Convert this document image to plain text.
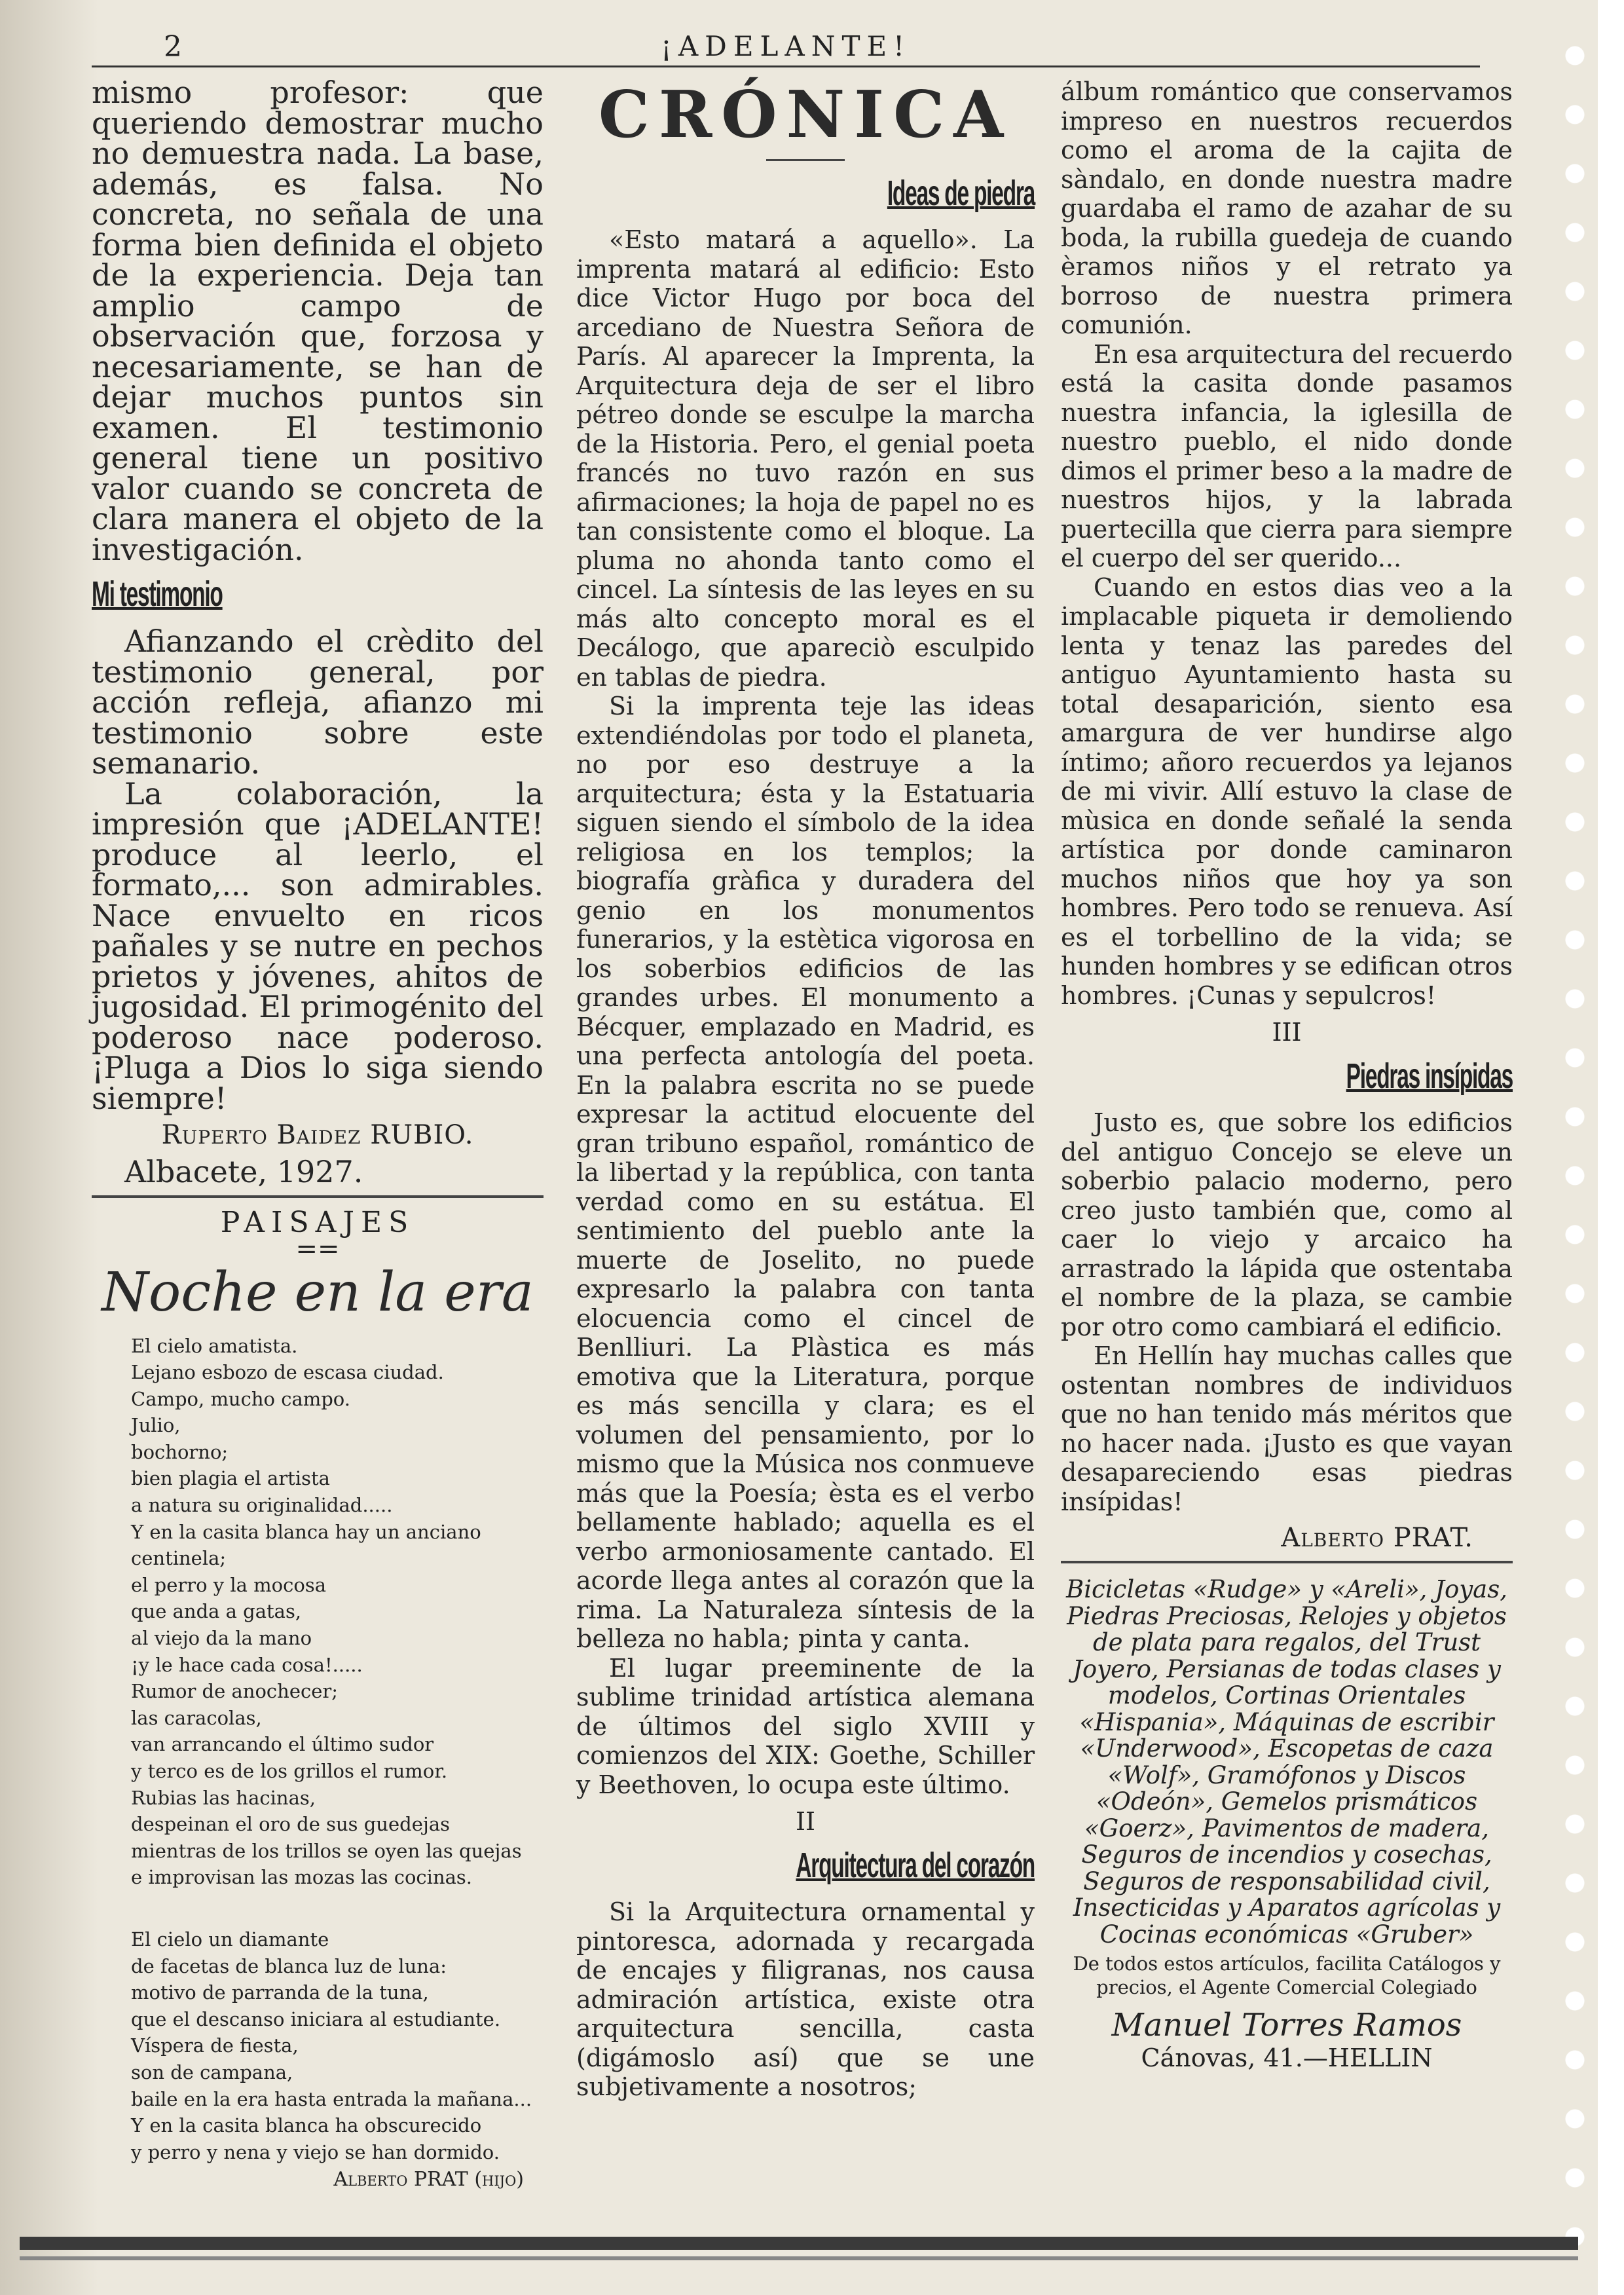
2	¡ADELANTE!

mismo profesor: que queriendo demostrar mucho no demuestra nada. La base, además, es falsa. No concreta, no señala de una forma bien definida el objeto de la experiencia. Deja tan amplio campo de observación que, forzosa y necesariamente, se han de dejar muchos puntos sin examen. El testimonio general tiene un positivo valor cuando se concreta de clara manera el objeto de la investigación.

Mi testimonio

Afianzando el crèdito del testimonio general, por acción refleja, afianzo mi testimonio sobre este semanario.

La colaboración, la impresión que ¡ADELANTE! produce al leerlo, el formato,... son admirables. Nace envuelto en ricos pañales y se nutre en pechos prietos y jóvenes, ahitos de jugosidad. El primogénito del poderoso nace poderoso. ¡Pluga a Dios lo siga siendo siempre!

Ruperto Baidez RUBIO.
Albacete, 1927.
PAISAJES
==
Noche en la era
El cielo amatista.
Lejano esbozo de escasa ciudad.
Campo, mucho campo.
Julio,
bochorno;
bien plagia el artista
a natura su originalidad.....
Y en la casita blanca hay un anciano
centinela;
el perro y la mocosa
que anda a gatas,
al viejo da la mano
¡y le hace cada cosa!.....
Rumor de anochecer;
las caracolas,
van arrancando el último sudor
y terco es de los grillos el rumor.
Rubias las hacinas,
despeinan el oro de sus guedejas
mientras de los trillos se oyen las quejas
e improvisan las mozas las cocinas.
El cielo un diamante
de facetas de blanca luz de luna:
motivo de parranda de la tuna,
que el descanso iniciara al estudiante.
Víspera de fiesta,
son de campana,
baile en la era hasta entrada la mañana...
Y en la casita blanca ha obscurecido
y perro y nena y viejo se han dormido.
Alberto PRAT (hijo)
CRÓNICA
Ideas de piedra

«Esto matará a aquello». La imprenta matará al edificio: Esto dice Victor Hugo por boca del arcediano de Nuestra Señora de París. Al aparecer la Imprenta, la Arquitectura deja de ser el libro pétreo donde se esculpe la marcha de la Historia. Pero, el genial poeta francés no tuvo razón en sus afirmaciones; la hoja de papel no es tan consistente como el bloque. La pluma no ahonda tanto como el cincel. La síntesis de las leyes en su más alto concepto moral es el Decálogo, que apareciò esculpido en tablas de piedra.

Si la imprenta teje las ideas extendiéndolas por todo el planeta, no por eso destruye a la arquitectura; ésta y la Estatuaria siguen siendo el símbolo de la idea religiosa en los templos; la biografía gràfica y duradera del genio en los monumentos funerarios, y la estètica vigorosa en los soberbios edificios de las grandes urbes. El monumento a Bécquer, emplazado en Madrid, es una perfecta antología del poeta. En la palabra escrita no se puede expresar la actitud elocuente del gran tribuno español, romántico de la libertad y la república, con tanta verdad como en su estátua. El sentimiento del pueblo ante la muerte de Joselito, no puede expresarlo la palabra con tanta elocuencia como el cincel de Benlliuri. La Plàstica es más emotiva que la Literatura, porque es más sencilla y clara; es el volumen del pensamiento, por lo mismo que la Música nos conmueve más que la Poesía; èsta es el verbo bellamente hablado; aquella es el verbo armoniosamente cantado. El acorde llega antes al corazón que la rima. La Naturaleza síntesis de la belleza no habla; pinta y canta.

El lugar preeminente de la sublime trinidad artística alemana de últimos del siglo XVIII y comienzos del XIX: Goethe, Schiller y Beethoven, lo ocupa este último.

II
Arquitectura del corazón

Si la Arquitectura ornamental y pintoresca, adornada y recargada de encajes y filigranas, nos causa admiración artística, existe otra arquitectura sencilla, casta (digámoslo así) que se une subjetivamente a nosotros;

álbum romántico que conservamos impreso en nuestros recuerdos como el aroma de la cajita de sàndalo, en donde nuestra madre guardaba el ramo de azahar de su boda, la rubilla guedeja de cuando èramos niños y el retrato ya borroso de nuestra primera comunión.

En esa arquitectura del recuerdo está la casita donde pasamos nuestra infancia, la iglesilla de nuestro pueblo, el nido donde dimos el primer beso a la madre de nuestros hijos, y la labrada puertecilla que cierra para siempre el cuerpo del ser querido...

Cuando en estos dias veo a la implacable piqueta ir demoliendo lenta y tenaz las paredes del antiguo Ayuntamiento hasta su total desaparición, siento esa amargura de ver hundirse algo íntimo; añoro recuerdos ya lejanos de mi vivir. Allí estuvo la clase de mùsica en donde señalé la senda artística por donde caminaron muchos niños que hoy ya son hombres. Pero todo se renueva. Así es el torbellino de la vida; se hunden hombres y se edifican otros hombres. ¡Cunas y sepulcros!

III
Piedras insípidas

Justo es, que sobre los edificios del antiguo Concejo se eleve un soberbio palacio moderno, pero creo justo también que, como al caer lo viejo y arcaico ha arrastrado la lápida que ostentaba el nombre de la plaza, se cambie por otro como cambiará el edificio.

En Hellín hay muchas calles que ostentan nombres de individuos que no han tenido más méritos que no hacer nada. ¡Justo es que vayan desapareciendo esas piedras insípidas!

Alberto PRAT.
Bicicletas «Rudge» y «Areli», Joyas, Piedras Preciosas, Relojes y objetos de plata para regalos, del Trust Joyero, Persianas de todas clases y modelos, Cortinas Orientales «Hispania», Máquinas de escribir «Underwood», Escopetas de caza «Wolf», Gramófonos y Discos «Odeón», Gemelos prismáticos «Goerz», Pavimentos de madera, Seguros de incendios y cosechas, Seguros de responsabilidad civil, Insecticidas y Aparatos agrícolas y Cocinas económicas «Gruber»
De todos estos artículos, facilita Catálogos y precios, el Agente Comercial Colegiado
Manuel Torres Ramos
Cánovas, 41.—HELLIN
